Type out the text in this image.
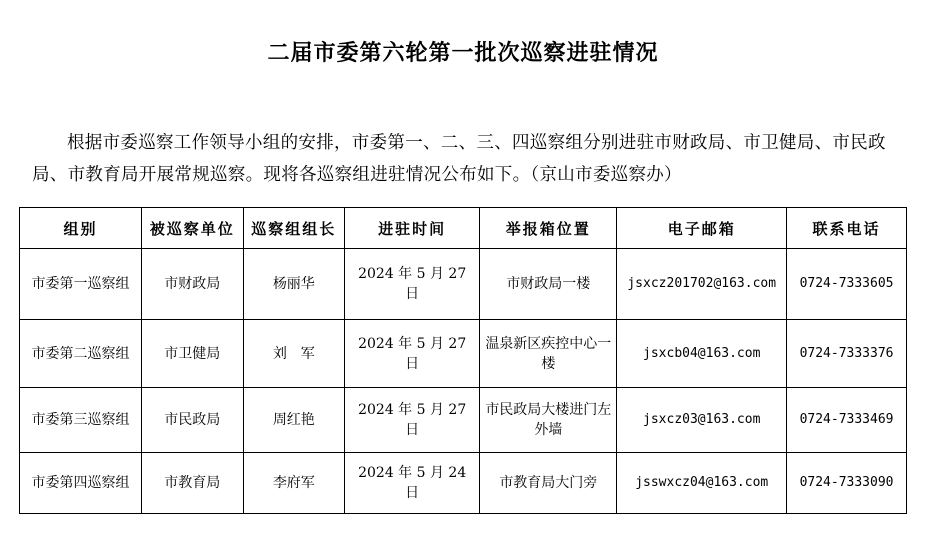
二届市委第六轮第一批次巡察进驻情况
根据市委巡察工作领导小组的安排，市委第一、二、三、四巡察组分别进驻市财政局、市卫健局、市民政局、市教育局开展常规巡察。现将各巡察组进驻情况公布如下。（京山市委巡察办）
组别	被巡察单位	巡察组组长	进驻时间	举报箱位置	电子邮箱	联系电话
市委第一巡察组	市财政局	杨丽华	2024 年 5 月 27 日	市财政局一楼	jsxcz201702@163.com	0724-7333605
市委第二巡察组	市卫健局	刘　军	2024 年 5 月 27 日	温泉新区疾控中心一楼	jsxcb04@163.com	0724-7333376
市委第三巡察组	市民政局	周红艳	2024 年 5 月 27 日	市民政局大楼进门左外墙	jsxcz03@163.com	0724-7333469
市委第四巡察组	市教育局	李府军	2024 年 5 月 24 日	市教育局大门旁	jsswxcz04@163.com	0724-7333090
